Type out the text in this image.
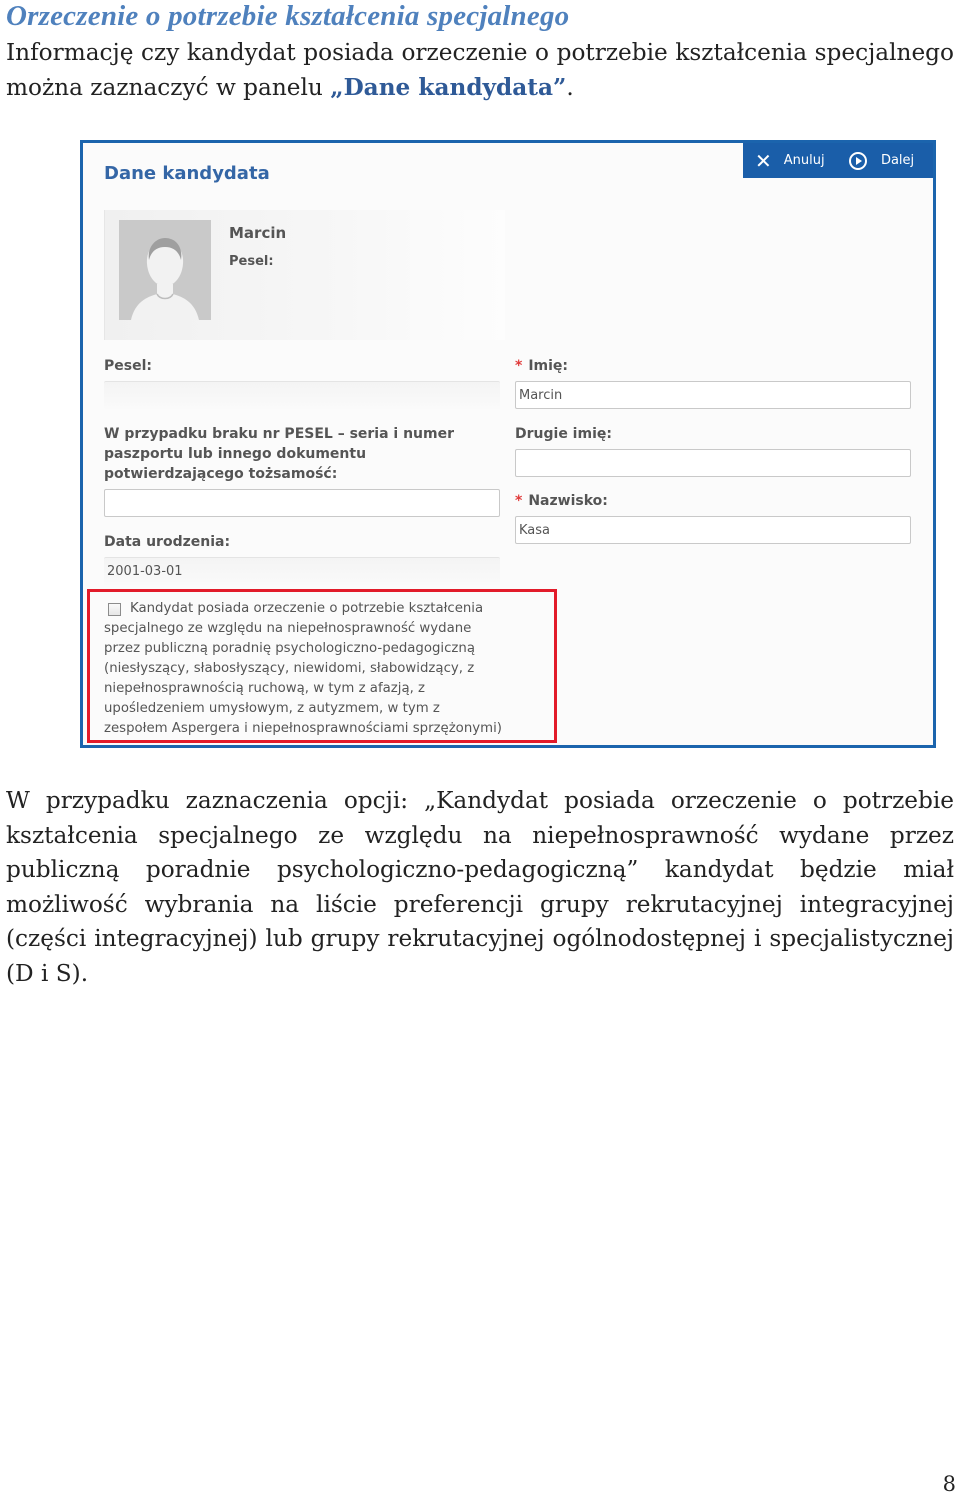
Orzeczenie o potrzebie kształcenia specjalnego

Informację czy kandydat posiada orzeczenie o potrzebie kształcenia specjalnego można zaznaczyć w panelu „Dane kandydata”.

Dane kandydata
✕ Anuluj	Dalej
Marcin
Pesel:
Pesel:	* Imię:
Marcin
W przypadku braku nr PESEL – seria i numer paszportu lub innego dokumentu potwierdzającego tożsamość:
Drugie imię:
* Nazwisko:
Kasa
Data urodzenia:
2001-03-01
Kandydat posiada orzeczenie o potrzebie kształcenia specjalnego ze względu na niepełnosprawność wydane przez publiczną poradnię psychologiczno-pedagogiczną (niesłyszący, słabosłyszący, niewidomi, słabowidzący, z niepełnosprawnością ruchową, w tym z afazją, z upośledzeniem umysłowym, z autyzmem, w tym z zespołem Aspergera i niepełnosprawnościami sprzężonymi)

W przypadku zaznaczenia opcji: „Kandydat posiada orzeczenie o potrzebie kształcenia specjalnego ze względu na niepełnosprawność wydane przez publiczną poradnie psychologiczno-pedagogiczną” kandydat będzie miał możliwość wybrania na liście preferencji grupy rekrutacyjnej integracyjnej (części integracyjnej) lub grupy rekrutacyjnej ogólnodostępnej i specjalistycznej (D i S).

8
